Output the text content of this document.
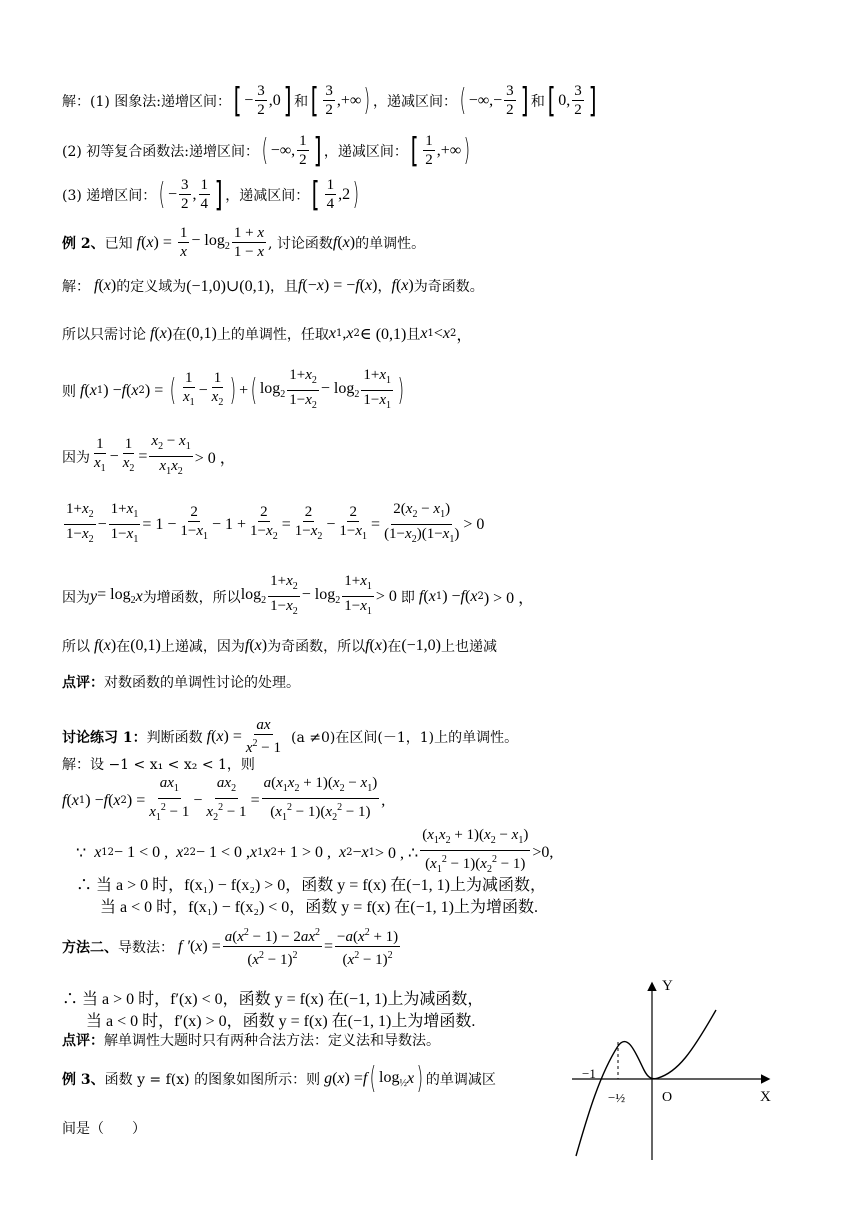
解：(1) 图象法:递增区间： [ − $\frac{3}{2} ,0$ ] 和 [ $\frac{3}{2}$ ,+∞ ) ，递减区间： ( −∞,− $\frac{3}{2}$ ] 和 [ 0, $\frac{3}{2}$ ]
(2) 初等复合函数法:递增区间： ( −∞, $\frac{1}{2}$ ] ，递减区间： [ $\frac{1}{2}$ ,+∞ )
(3) 递增区间： ( − $\frac{3}{2}$ , $\frac{1}{4}$ ] ，递减区间： [ $\frac{1}{4} ,2$ )
例 2、 已知 f ( x ) = $\frac{1}{x} - \log_2 \frac{1 + x}{1 - x}$ , 讨论函数 f ( x ) 的单调性。
解： f ( x ) 的定义域为 (−1,0)∪(0,1) ，且 f (− x ) = − f ( x ) ， f ( x ) 为奇函数。
所以只需讨论 f ( x ) 在 (0,1) 上的单调性，任取 x 1 , x 2 ∈ (0,1) 且 x 1 < x 2 ，
则 f ( x 1 ) − f ( x 2 ) = ( $\frac{1}{x_1} - \frac{1}{x_2}$ ) + ( $\log_2 \frac{1+x_2}{1-x_2} - \log_2 \frac{1+x_1}{1-x_1}$ )
因为 $\frac{1}{x_1} - \frac{1}{x_2} = \frac{x_2 - x_1}{x_1x_2} > 0$ ，
$\frac{1+x_2}{1-x_2} - \frac{1+x_1}{1-x_1} = 1 - \frac{2}{1-x_1} - 1 + \frac{2}{1-x_2} = \frac{2}{1-x_2} - \frac{2}{1-x_1} = \frac{2(x_2 - x_1)}{(1-x_2)(1-x_1)} > 0$
因为 $y = \log_2 x$ 为增函数，所以 $\log_2 \frac{1+x_2}{1-x_2} - \log_2 \frac{1+x_1}{1-x_1} > 0$ 即 f ( x 1 ) − f ( x 2 ) > 0 ，
所以 f ( x ) 在 (0,1) 上递减，因为 f ( x ) 为奇函数，所以 f ( x ) 在 (−1,0) 上也递减
点评： 对数函数的单调性讨论的处理。
讨论练习 1： 判断函数 f ( x ) = $\frac{ax}{x^2 - 1} (a \ne 0)$在区间(－1，1)上的单调性。
解：设 −1 < x₁ < x₂ < 1，则
f ( x 1 ) − f ( x 2 ) = $\frac{ax_1}{x_1^2 - 1} - \frac{ax_2}{x_2^2 - 1} = \frac{a(x_1x_2 + 1)(x_2 - x_1)}{(x_1^2 - 1)(x_2^2 - 1)}$ ,
∵ x 1 2 − 1 < 0 , x 2 2 − 1 < 0 , x 1 x 2 + 1 > 0 , x 2 − x 1 > 0 , ∴ $\frac{(x_1x_2 + 1)(x_2 - x_1)}{(x_1^2 - 1)(x_2^2 - 1)} >0$,
∴ 当 a > 0 时，f(x₁) − f(x₂) > 0，函数 y = f(x) 在(−1, 1)上为减函数，
当 a < 0 时，f(x₁) − f(x₂) < 0，函数 y = f(x) 在(−1, 1)上为增函数.
方法二、 导数法： f ′ ( x ) = $\frac{a(x^2 - 1) - 2ax^2}{(x^2 - 1)^2} = \frac{-a(x^2 + 1)}{(x^2 - 1)^2}$
∴ 当 a > 0 时，f′(x) < 0，函数 y = f(x) 在(−1, 1)上为减函数，
当 a < 0 时，f′(x) > 0，函数 y = f(x) 在(−1, 1)上为增函数.
点评： 解单调性大题时只有两种合法方法：定义法和导数法。
例 3、 函数 y = f(x) 的图象如图所示：则 g ( x ) = f ( $\log_{\frac{1}{2}} x$ ) 的单调减区
间是（　　）
Y
X
O
−1
−½
